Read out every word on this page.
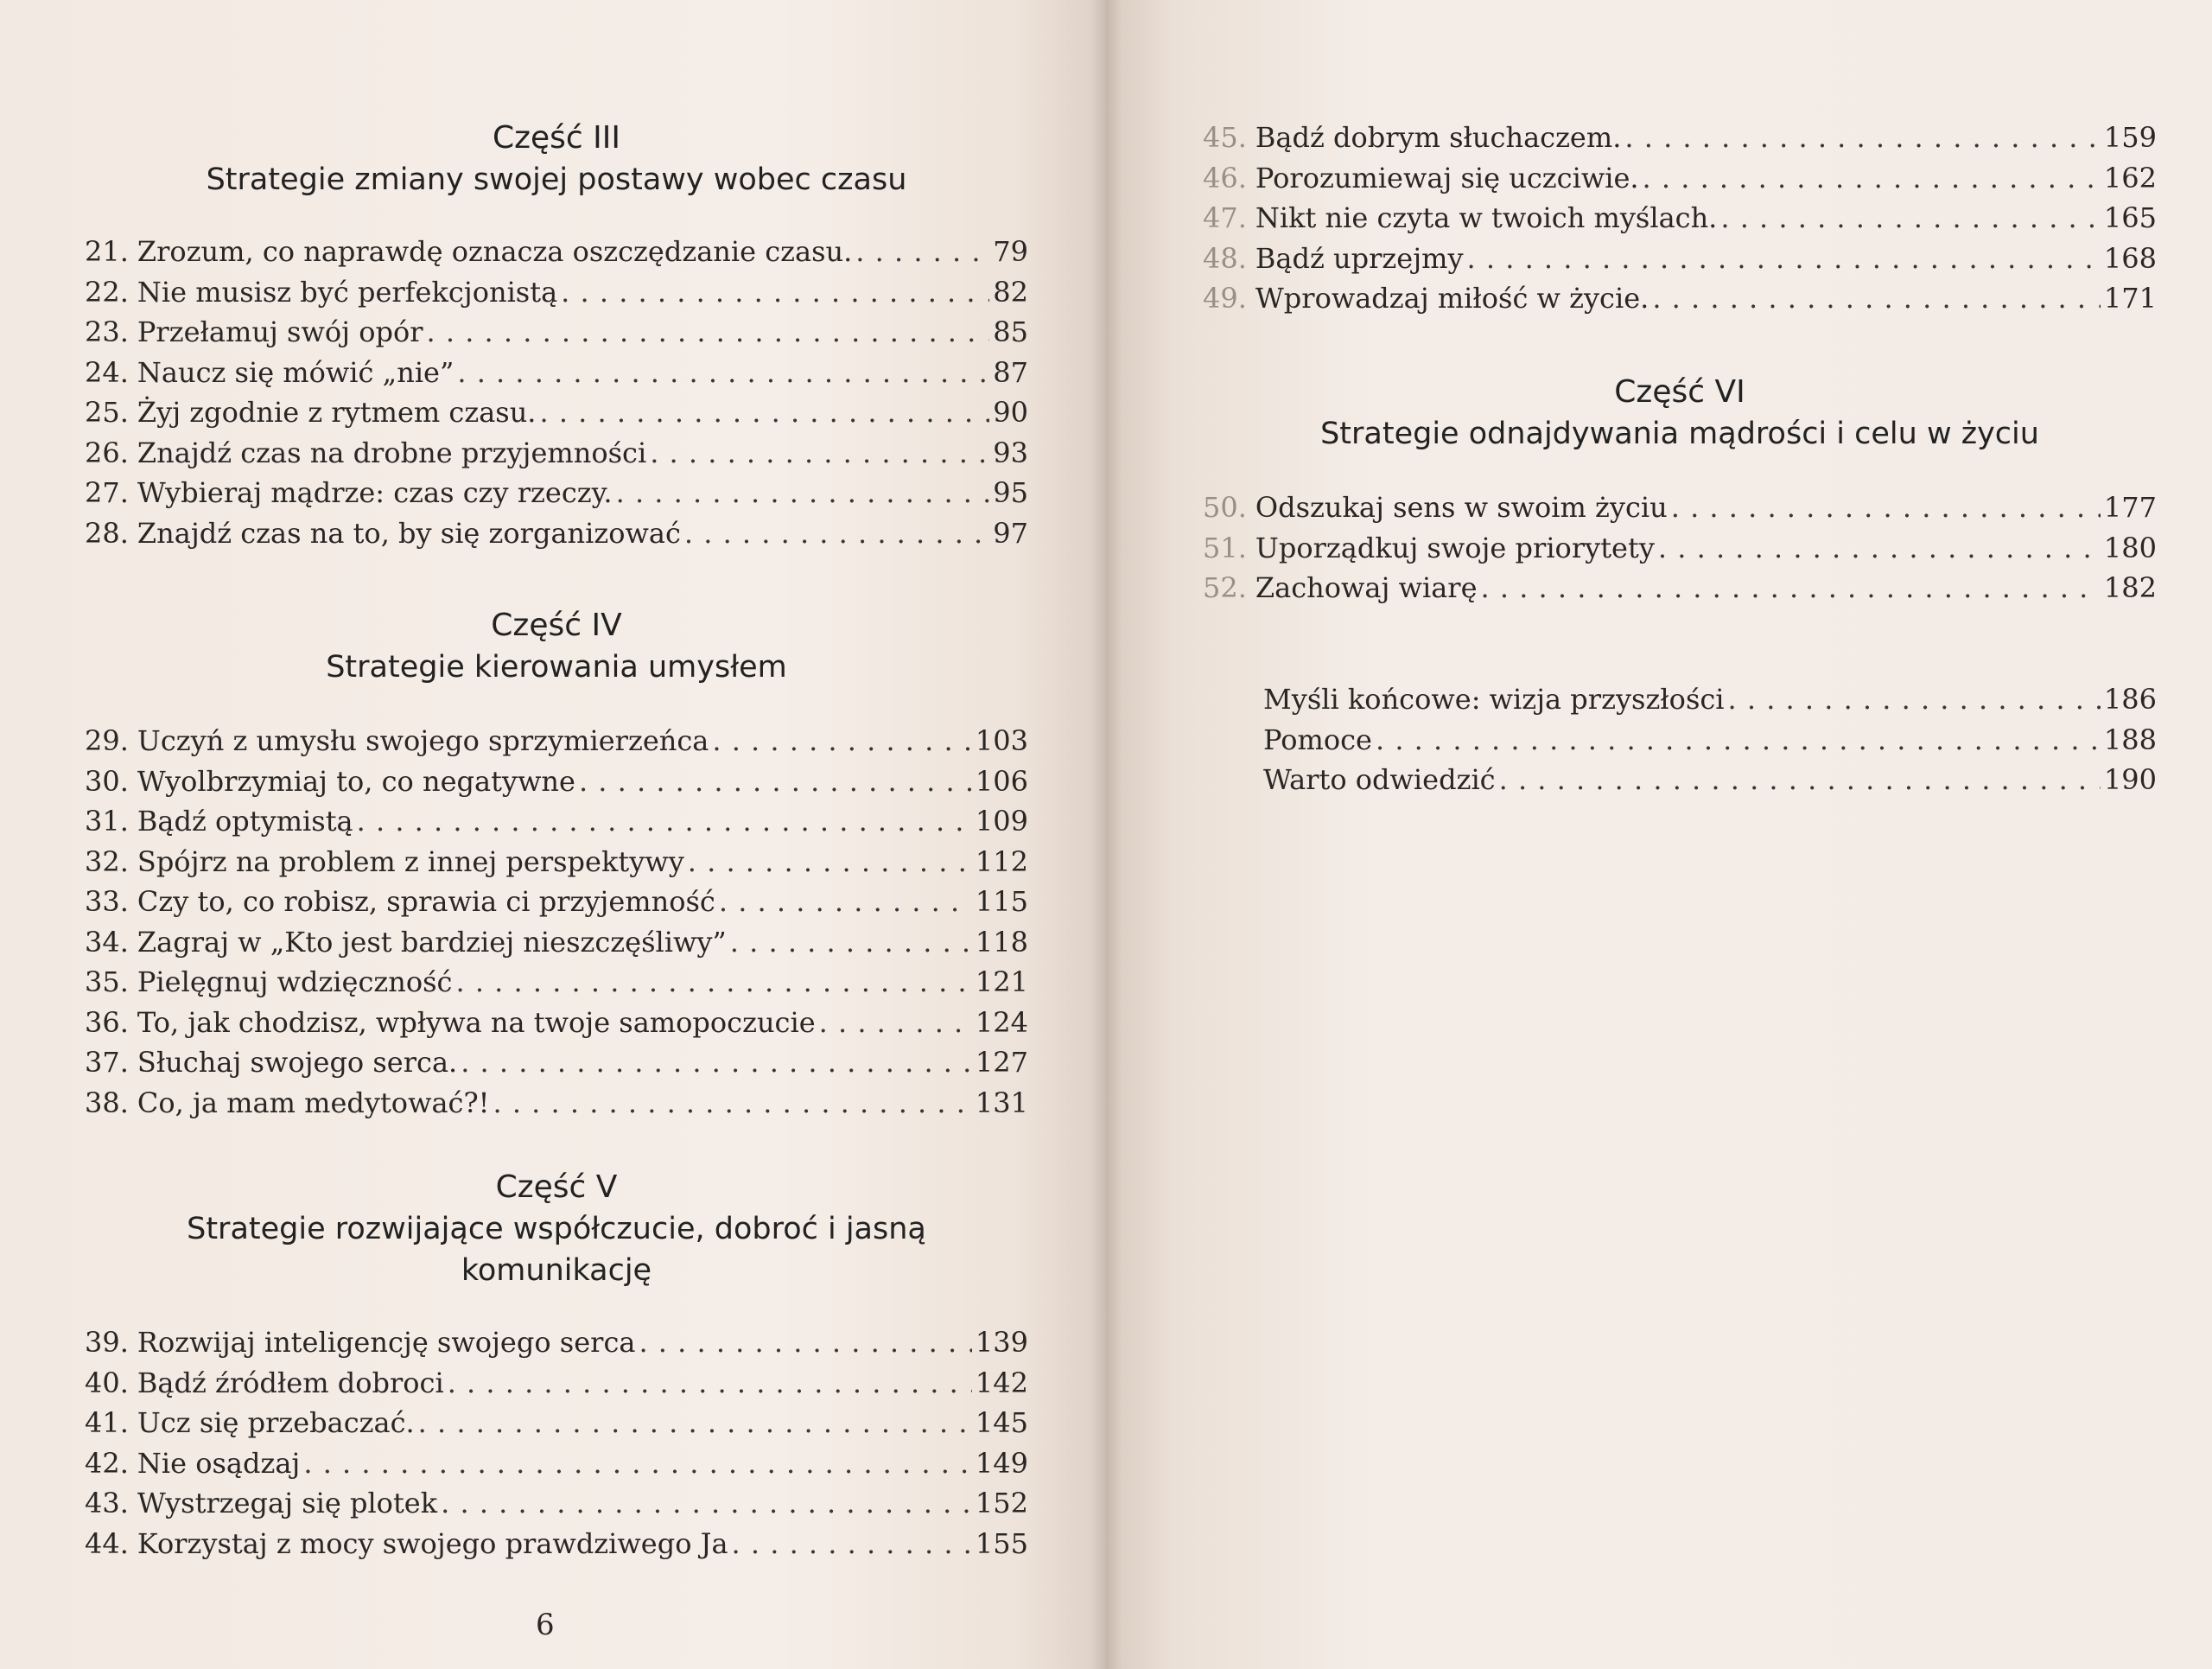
Część III
Strategie zmiany swojej postawy wobec czasu
21. Zrozum, co naprawdę oznacza oszczędzanie czasu. . . .	79
22. Nie musisz być perfekcjonistą . . .	82
23. Przełamuj swój opór . . .	85
24. Naucz się mówić „nie” . . .	87
25. Żyj zgodnie z rytmem czasu. . . .	90
26. Znajdź czas na drobne przyjemności . . .	93
27. Wybieraj mądrze: czas czy rzeczy. . . .	95
28. Znajdź czas na to, by się zorganizować . . .	97
Część IV
Strategie kierowania umysłem
29. Uczyń z umysłu swojego sprzymierzeńca . . .	103
30. Wyolbrzymiaj to, co negatywne . . .	106
31. Bądź optymistą . . .	109
32. Spójrz na problem z innej perspektywy . . .	112
33. Czy to, co robisz, sprawia ci przyjemność . . .	115
34. Zagraj w „Kto jest bardziej nieszczęśliwy” . . .	118
35. Pielęgnuj wdzięczność . . .	121
36. To, jak chodzisz, wpływa na twoje samopoczucie . . .	124
37. Słuchaj swojego serca. . . .	127
38. Co, ja mam medytować?! . . .	131
Część V
Strategie rozwijające współczucie, dobroć i jasną
komunikację
39. Rozwijaj inteligencję swojego serca . . .	139
40. Bądź źródłem dobroci . . .	142
41. Ucz się przebaczać. . . .	145
42. Nie osądzaj . . .	149
43. Wystrzegaj się plotek . . .	152
44. Korzystaj z mocy swojego prawdziwego Ja . . .	155
6
45. Bądź dobrym słuchaczem. . . .	159
46. Porozumiewaj się uczciwie. . . .	162
47. Nikt nie czyta w twoich myślach. . . .	165
48. Bądź uprzejmy . . .	168
49. Wprowadzaj miłość w życie. . . .	171
Część VI
Strategie odnajdywania mądrości i celu w życiu
50. Odszukaj sens w swoim życiu . . .	177
51. Uporządkuj swoje priorytety . . .	180
52. Zachowaj wiarę . . .	182
Myśli końcowe: wizja przyszłości . . .	186
Pomoce . . .	188
Warto odwiedzić . . .	190
